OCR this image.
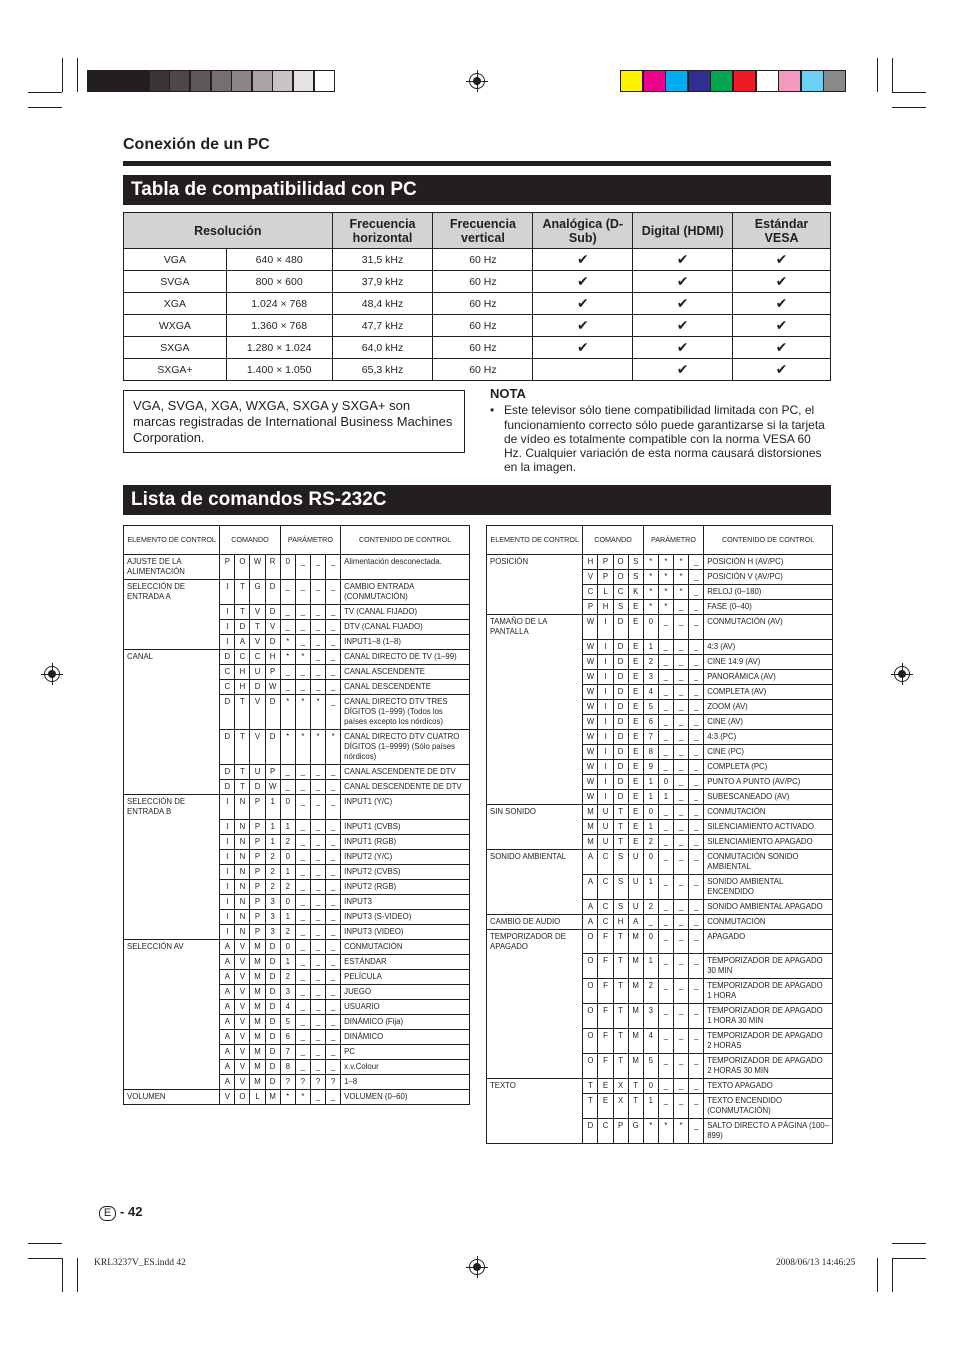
Conexión de un PC
Tabla de compatibilidad con PC
Resolución		Frecuencia horizontal	Frecuencia vertical	Analógica (D-Sub)	Digital (HDMI)	Estándar VESA
VGA	640 × 480	31,5 kHz	60 Hz	✔	✔	✔
SVGA	800 × 600	37,9 kHz	60 Hz	✔	✔	✔
XGA	1.024 × 768	48,4 kHz	60 Hz	✔	✔	✔
WXGA	1.360 × 768	47,7 kHz	60 Hz	✔	✔	✔
SXGA	1.280 × 1.024	64,0 kHz	60 Hz	✔	✔	✔
SXGA+	1.400 × 1.050	65,3 kHz	60 Hz		✔	✔
VGA, SVGA, XGA, WXGA, SXGA y SXGA+ son marcas registradas de International Business Machines Corporation.
NOTA
• Este televisor sólo tiene compatibilidad limitada con PC, el funcionamiento correcto sólo puede garantizarse si la tarjeta de vídeo es totalmente compatible con la norma VESA 60 Hz. Cualquier variación de esta norma causará distorsiones en la imagen.
Lista de comandos RS-232C
ELEMENTO DE CONTROL	COMANDO				PARÁMETRO				CONTENIDO DE CONTROL
AJUSTE DE LA ALIMENTACIÓN	P	O	W	R	0	_	_	_	Alimentación desconectada.
SELECCIÓN DE ENTRADA A	I	T	G	D	_	_	_	_	CAMBIO ENTRADA (CONMUTACIÓN)
	I	T	V	D	_	_	_	_	TV (CANAL FIJADO)
	I	D	T	V	_	_	_	_	DTV (CANAL FIJADO)
	I	A	V	D	*	_	_	_	INPUT1–8 (1–8)
CANAL	D	C	C	H	*	*	_	_	CANAL DIRECTO DE TV (1–99)
	C	H	U	P	_	_	_	_	CANAL ASCENDENTE
	C	H	D	W	_	_	_	_	CANAL DESCENDENTE
	D	T	V	D	*	*	*	_	CANAL DIRECTO DTV TRES DÍGITOS (1–999) (Todos los países excepto los nórdicos)
	D	T	V	D	*	*	*	*	CANAL DIRECTO DTV CUATRO DÍGITOS (1–9999) (Sólo países nórdicos)
	D	T	U	P	_	_	_	_	CANAL ASCENDENTE DE DTV
	D	T	D	W	_	_	_	_	CANAL DESCENDENTE DE DTV
SELECCIÓN DE ENTRADA B	I	N	P	1	0	_	_	_	INPUT1 (Y/C)
	I	N	P	1	1	_	_	_	INPUT1 (CVBS)
	I	N	P	1	2	_	_	_	INPUT1 (RGB)
	I	N	P	2	0	_	_	_	INPUT2 (Y/C)
	I	N	P	2	1	_	_	_	INPUT2 (CVBS)
	I	N	P	2	2	_	_	_	INPUT2 (RGB)
	I	N	P	3	0	_	_	_	INPUT3
	I	N	P	3	1	_	_	_	INPUT3 (S-VIDEO)
	I	N	P	3	2	_	_	_	INPUT3 (VIDEO)
SELECCIÓN AV	A	V	M	D	0	_	_	_	CONMUTACIÓN
	A	V	M	D	1	_	_	_	ESTÁNDAR
	A	V	M	D	2	_	_	_	PELÍCULA
	A	V	M	D	3	_	_	_	JUEGO
	A	V	M	D	4	_	_	_	USUARIO
	A	V	M	D	5	_	_	_	DINÁMICO (Fija)
	A	V	M	D	6	_	_	_	DINÁMICO
	A	V	M	D	7	_	_	_	PC
	A	V	M	D	8	_	_	_	x.v.Colour
	A	V	M	D	?	?	?	?	1–8
VOLUMEN	V	O	L	M	*	*	_	_	VOLUMEN (0–60)
ELEMENTO DE CONTROL	COMANDO				PARÁMETRO				CONTENIDO DE CONTROL
POSICIÓN	H	P	O	S	*	*	*	_	POSICIÓN H (AV/PC)
	V	P	O	S	*	*	*	_	POSICIÓN V (AV/PC)
	C	L	C	K	*	*	*	_	RELOJ (0–180)
	P	H	S	E	*	*	_	_	FASE (0–40)
TAMAÑO DE LA PANTALLA	W	I	D	E	0	_	_	_	CONMUTACIÓN (AV)
	W	I	D	E	1	_	_	_	4:3 (AV)
	W	I	D	E	2	_	_	_	CINE 14:9 (AV)
	W	I	D	E	3	_	_	_	PANORÁMICA (AV)
	W	I	D	E	4	_	_	_	COMPLETA (AV)
	W	I	D	E	5	_	_	_	ZOOM (AV)
	W	I	D	E	6	_	_	_	CINE (AV)
	W	I	D	E	7	_	_	_	4:3 (PC)
	W	I	D	E	8	_	_	_	CINE (PC)
	W	I	D	E	9	_	_	_	COMPLETA (PC)
	W	I	D	E	1	0	_	_	PUNTO A PUNTO (AV/PC)
	W	I	D	E	1	1	_	_	SUBESCANEADO (AV)
SIN SONIDO	M	U	T	E	0	_	_	_	CONMUTACIÓN
	M	U	T	E	1	_	_	_	SILENCIAMIENTO ACTIVADO
	M	U	T	E	2	_	_	_	SILENCIAMIENTO APAGADO
SONIDO AMBIENTAL	A	C	S	U	0	_	_	_	CONMUTACIÓN SONIDO AMBIENTAL
	A	C	S	U	1	_	_	_	SONIDO AMBIENTAL ENCENDIDO
	A	C	S	U	2	_	_	_	SONIDO AMBIENTAL APAGADO
CAMBIO DE AUDIO	A	C	H	A	_	_	_	_	CONMUTACIÓN
TEMPORIZADOR DE APAGADO	O	F	T	M	0	_	_	_	APAGADO
	O	F	T	M	1	_	_	_	TEMPORIZADOR DE APAGADO 30 MIN
	O	F	T	M	2	_	_	_	TEMPORIZADOR DE APAGADO 1 HORA
	O	F	T	M	3	_	_	_	TEMPORIZADOR DE APAGADO 1 HORA 30 MIN
	O	F	T	M	4	_	_	_	TEMPORIZADOR DE APAGADO 2 HORAS
	O	F	T	M	5	_	_	_	TEMPORIZADOR DE APAGADO 2 HORAS 30 MIN
TEXTO	T	E	X	T	0	_	_	_	TEXTO APAGADO
	T	E	X	T	1	_	_	_	TEXTO ENCENDIDO (CONMUTACIÓN)
	D	C	P	G	*	*	*	_	SALTO DIRECTO A PÁGINA (100–899)
E - 42
KRL3237V_ES.indd 42	2008/06/13 14:46:25
